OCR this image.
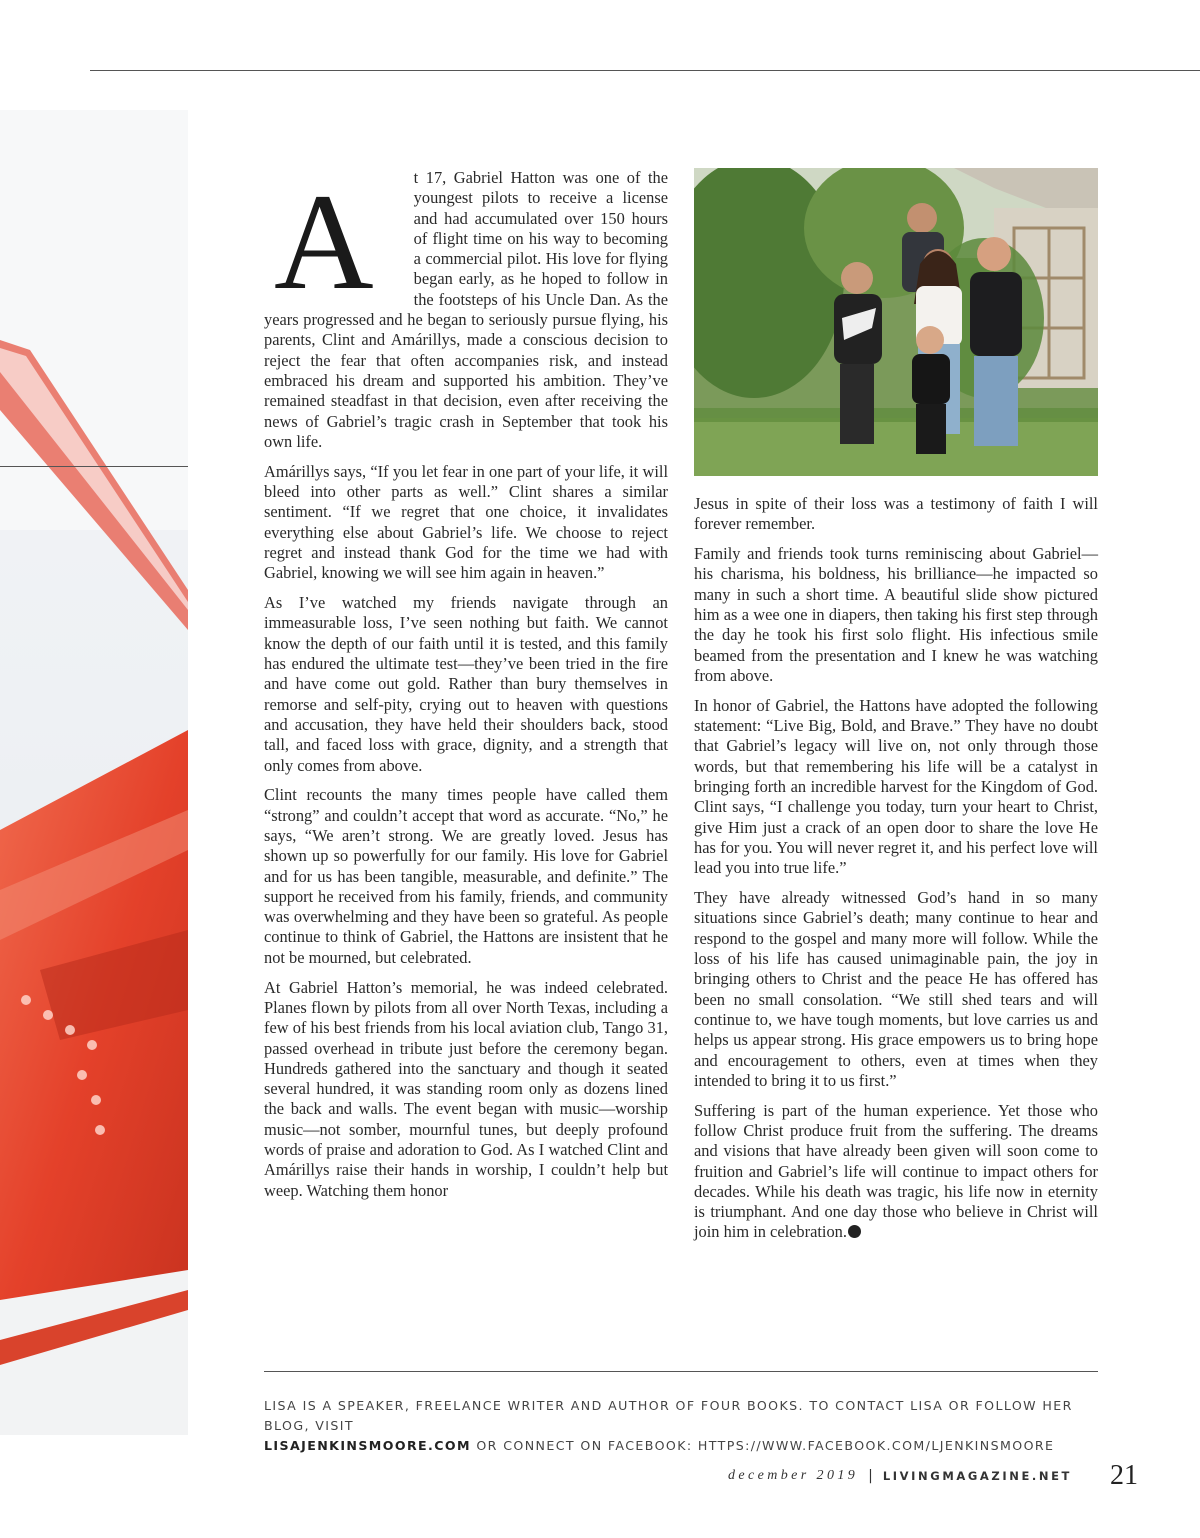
A t 17, Gabriel Hatton was one of the youngest pilots to receive a license and had accumulated over 150 hours of flight time on his way to becoming a commercial pilot. His love for flying began early, as he hoped to follow in the footsteps of his Uncle Dan. As the years progressed and he began to seriously pursue flying, his parents, Clint and Amárillys, made a conscious decision to reject the fear that often accompanies risk, and instead embraced his dream and supported his ambition. They’ve remained steadfast in that decision, even after receiving the news of Gabriel’s tragic crash in September that took his own life.

Amárillys says, “If you let fear in one part of your life, it will bleed into other parts as well.” Clint shares a similar sentiment. “If we regret that one choice, it invalidates everything else about Gabriel’s life. We choose to reject regret and instead thank God for the time we had with Gabriel, knowing we will see him again in heaven.”

As I’ve watched my friends navigate through an immeasurable loss, I’ve seen nothing but faith. We cannot know the depth of our faith until it is tested, and this family has endured the ultimate test—they’ve been tried in the fire and have come out gold. Rather than bury themselves in remorse and self-pity, crying out to heaven with questions and accusation, they have held their shoulders back, stood tall, and faced loss with grace, dignity, and a strength that only comes from above.

Clint recounts the many times people have called them “strong” and couldn’t accept that word as accurate. “No,” he says, “We aren’t strong. We are greatly loved. Jesus has shown up so powerfully for our family. His love for Gabriel and for us has been tangible, measurable, and definite.” The support he received from his family, friends, and community was overwhelming and they have been so grateful. As people continue to think of Gabriel, the Hattons are insistent that he not be mourned, but celebrated.

At Gabriel Hatton’s memorial, he was indeed celebrated. Planes flown by pilots from all over North Texas, including a few of his best friends from his local aviation club, Tango 31, passed overhead in tribute just before the ceremony began. Hundreds gathered into the sanctuary and though it seated several hundred, it was standing room only as dozens lined the back and walls. The event began with music—worship music—not somber, mournful tunes, but deeply profound words of praise and adoration to God. As I watched Clint and Amárillys raise their hands in worship, I couldn’t help but weep. Watching them honor

Jesus in spite of their loss was a testimony of faith I will forever remember.

Family and friends took turns reminiscing about Gabriel—his charisma, his boldness, his brilliance—he impacted so many in such a short time. A beautiful slide show pictured him as a wee one in diapers, then taking his first step through the day he took his first solo flight. His infectious smile beamed from the presentation and I knew he was watching from above.

In honor of Gabriel, the Hattons have adopted the following statement: “Live Big, Bold, and Brave.” They have no doubt that Gabriel’s legacy will live on, not only through those words, but that remembering his life will be a catalyst in bringing forth an incredible harvest for the Kingdom of God. Clint says, “I challenge you today, turn your heart to Christ, give Him just a crack of an open door to share the love He has for you. You will never regret it, and his perfect love will lead you into true life.”

They have already witnessed God’s hand in so many situations since Gabriel’s death; many continue to hear and respond to the gospel and many more will follow. While the loss of his life has caused unimaginable pain, the joy in bringing others to Christ and the peace He has offered has been no small consolation. “We still shed tears and will continue to, we have tough moments, but love carries us and helps us appear strong. His grace empowers us to bring hope and encouragement to others, even at times when they intended to bring it to us first.”

Suffering is part of the human experience. Yet those who follow Christ produce fruit from the suffering. The dreams and visions that have already been given will soon come to fruition and Gabriel’s life will continue to impact others for decades. While his death was tragic, his life now in eternity is triumphant. And one day those who believe in Christ will join him in celebration.

LISA IS A SPEAKER, FREELANCE WRITER AND AUTHOR OF FOUR BOOKS. TO CONTACT LISA OR FOLLOW HER BLOG, VISIT
LISAJENKINSMOORE.COM OR CONNECT ON FACEBOOK: HTTPS://WWW.FACEBOOK.COM/LJENKINSMOORE
december 2019 | LIVINGMAGAZINE.NET 21
